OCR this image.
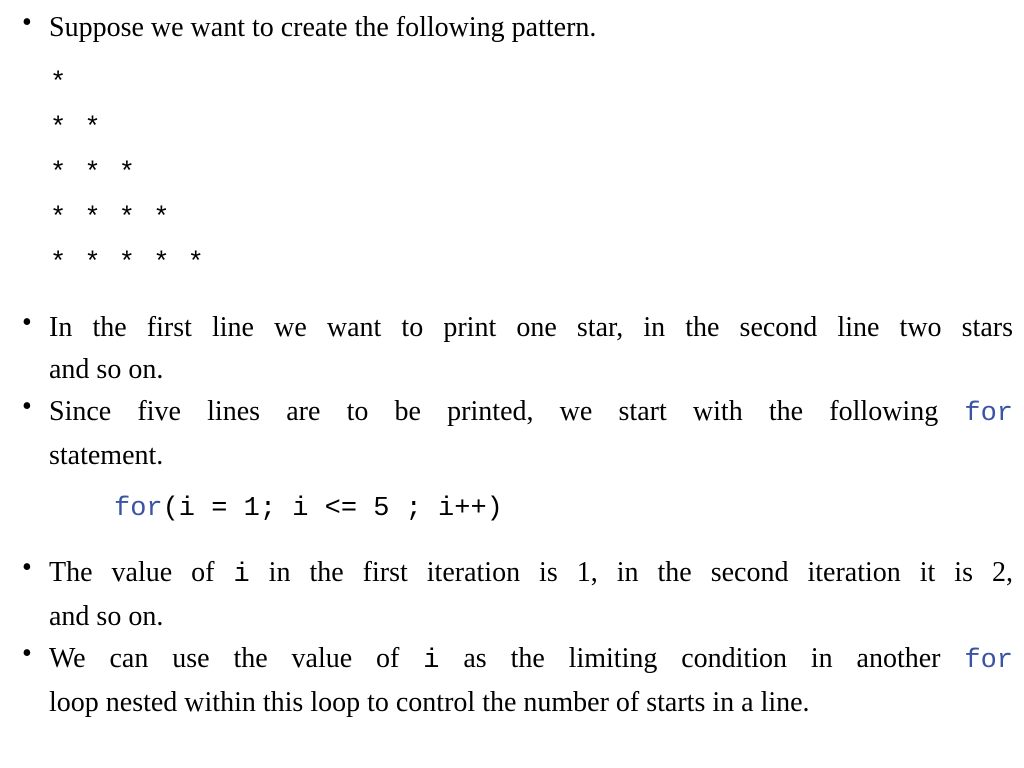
• Suppose we want to create the following pattern.
*
* *
* * *
* * * *
* * * * *
• In the first line we want to print one star, in the second line two stars
and so on.
• Since five lines are to be printed, we start with the following for
statement.
for(i = 1; i <= 5 ; i++)
• The value of i in the first iteration is 1, in the second iteration it is 2,
and so on.
• We can use the value of i as the limiting condition in another for
loop nested within this loop to control the number of starts in a line.
